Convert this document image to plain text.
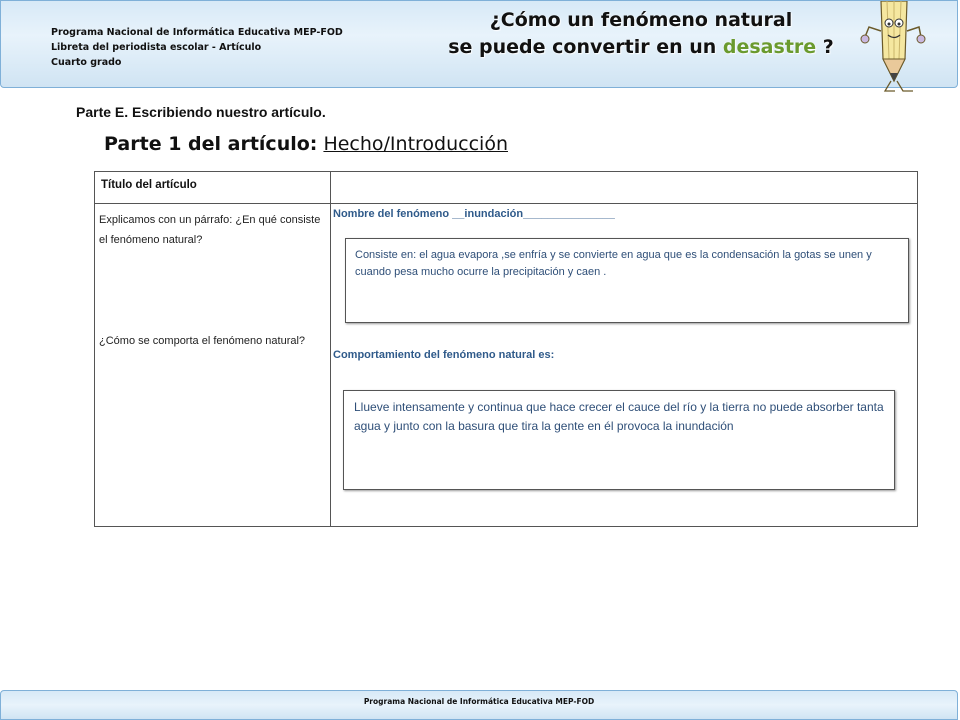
Programa Nacional de Informática Educativa MEP-FOD
Libreta del periodista escolar - Artículo
Cuarto grado
¿Cómo un fenómeno natural
se puede convertir en un desastre ?
Parte E. Escribiendo nuestro artículo.
Parte 1 del artículo: Hecho/Introducción
Título del artículo
Explicamos con un párrafo: ¿En qué consiste el fenómeno natural?
¿Cómo se comporta el fenómeno natural?
Nombre del fenómeno __inundación_______________
Consiste en: el agua evapora ,se enfría y se convierte en agua que es la condensación la gotas se unen y cuando pesa mucho ocurre la precipitación y caen .
Comportamiento del fenómeno natural es:
Llueve intensamente y continua que hace crecer el cauce del río y la tierra no puede absorber tanta agua y junto con la basura que tira la gente en él provoca la inundación
Programa Nacional de Informática Educativa MEP-FOD
